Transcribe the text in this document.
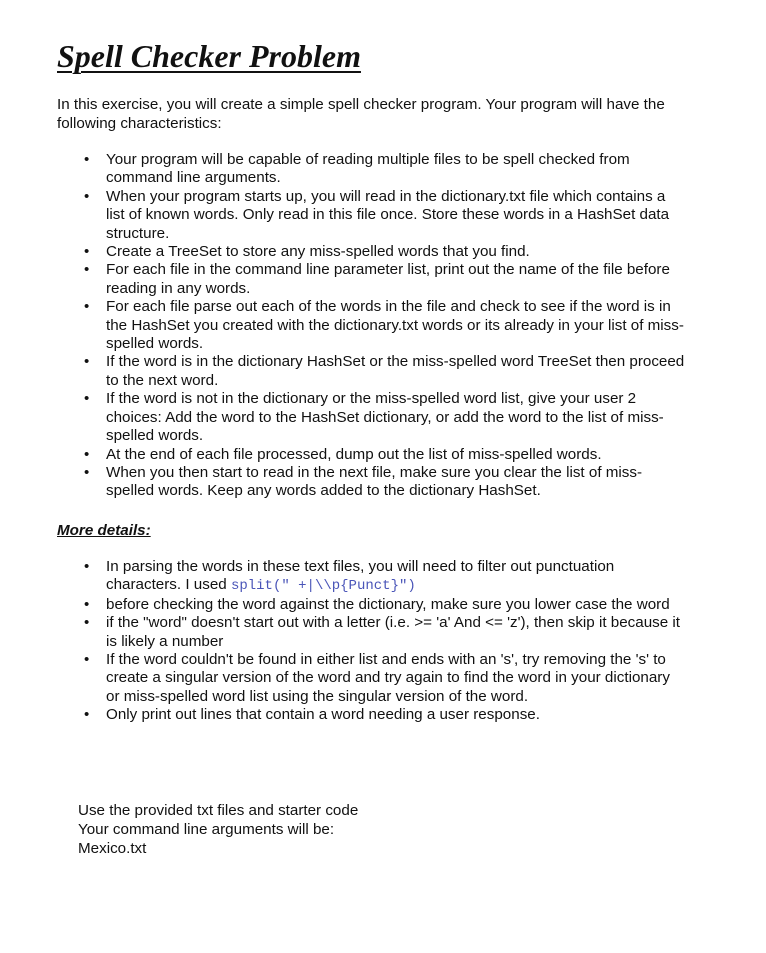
Spell Checker Problem

In this exercise, you will create a simple spell checker program. Your program will have the following characteristics:

• Your program will be capable of reading multiple files to be spell checked from command line arguments.
• When your program starts up, you will read in the dictionary.txt file which contains a list of known words. Only read in this file once. Store these words in a HashSet data structure.
• Create a TreeSet to store any miss-spelled words that you find.
• For each file in the command line parameter list, print out the name of the file before reading in any words.
• For each file parse out each of the words in the file and check to see if the word is in the HashSet you created with the dictionary.txt words or its already in your list of miss-spelled words.
• If the word is in the dictionary HashSet or the miss-spelled word TreeSet then proceed to the next word.
• If the word is not in the dictionary or the miss-spelled word list, give your user 2 choices: Add the word to the HashSet dictionary, or add the word to the list of miss-spelled words.
• At the end of each file processed, dump out the list of miss-spelled words.
• When you then start to read in the next file, make sure you clear the list of miss-spelled words. Keep any words added to the dictionary HashSet.
More details:
• In parsing the words in these text files, you will need to filter out punctuation characters. I used split(" +|\\p{Punct}")
• before checking the word against the dictionary, make sure you lower case the word
• if the "word" doesn't start out with a letter (i.e. >= 'a' And <= 'z'), then skip it because it is likely a number
• If the word couldn't be found in either list and ends with an 's', try removing the 's' to create a singular version of the word and try again to find the word in your dictionary or miss-spelled word list using the singular version of the word.
• Only print out lines that contain a word needing a user response.
Use the provided txt files and starter code
Your command line arguments will be:
Mexico.txt
